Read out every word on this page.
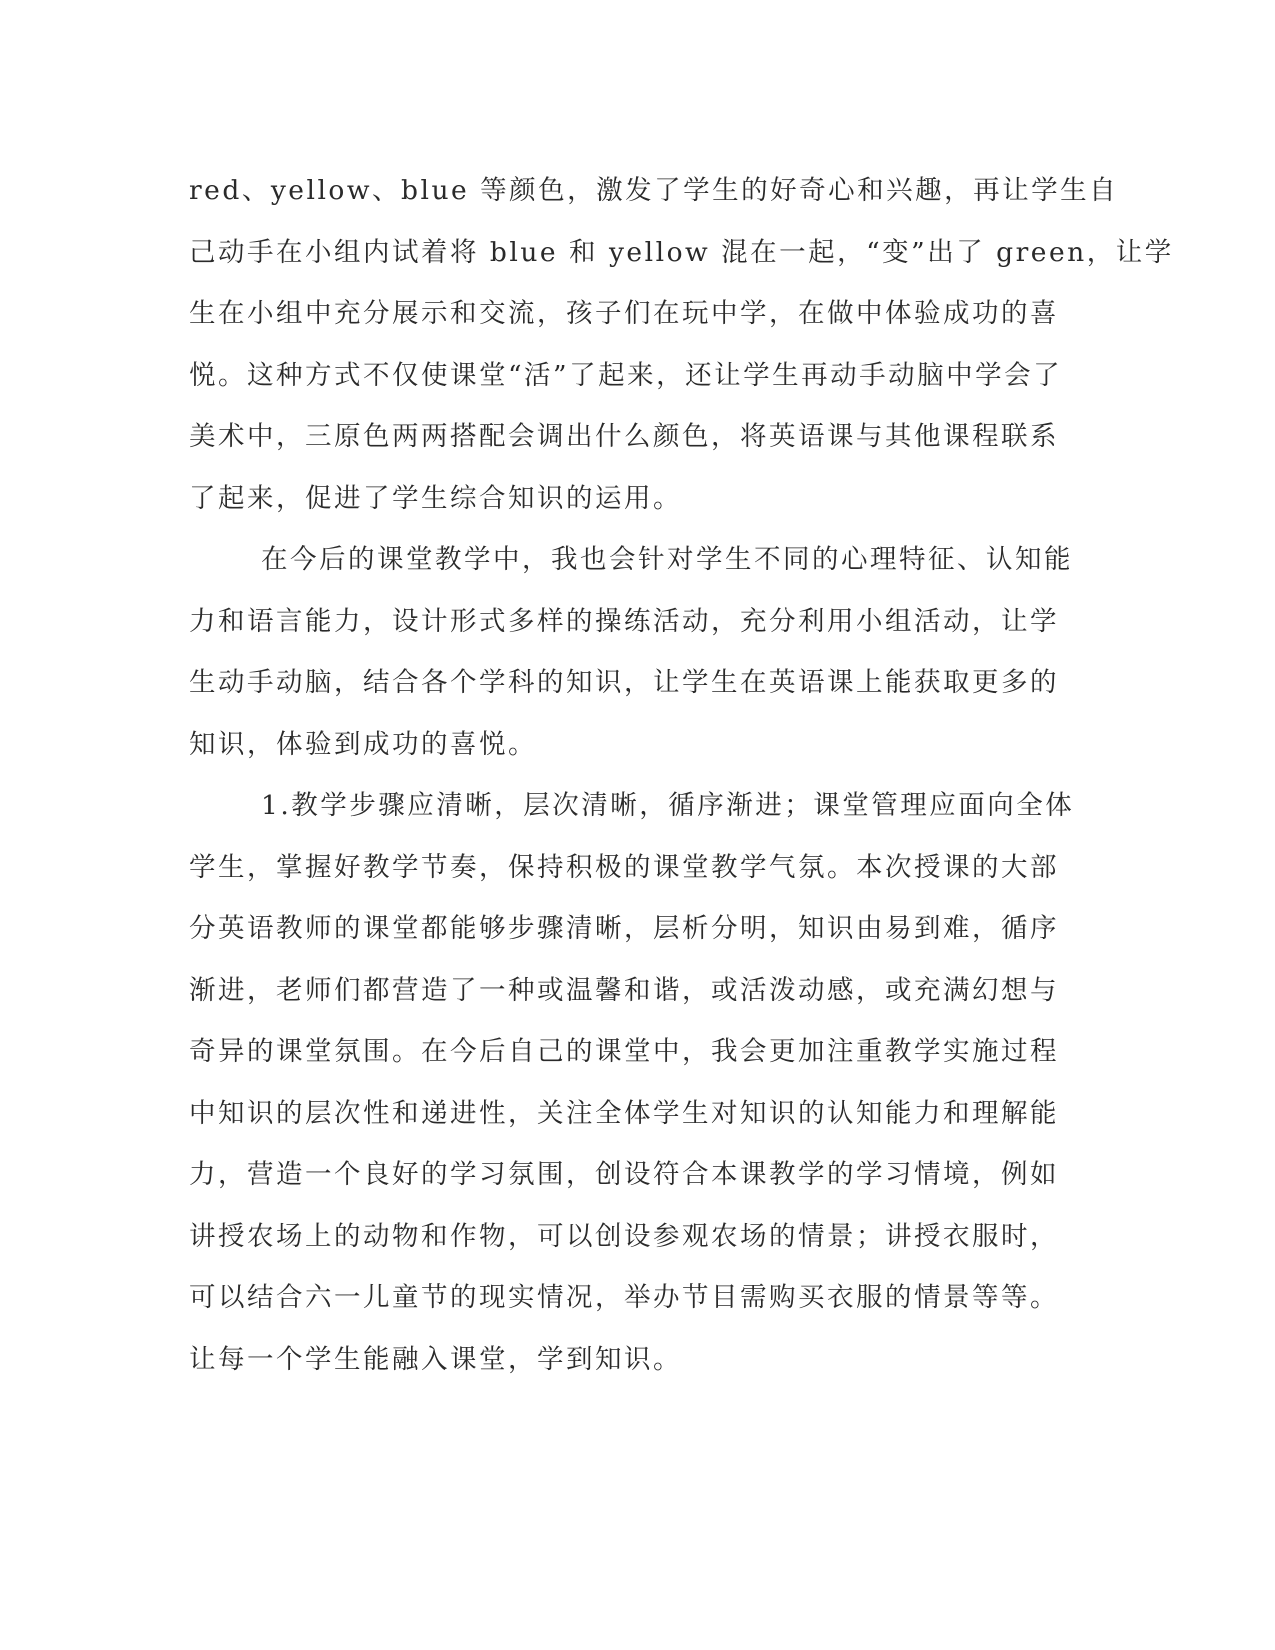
red、yellow、blue 等颜色，激发了学生的好奇心和兴趣，再让学生自
己动手在小组内试着将 blue 和 yellow 混在一起，“变”出了 green，让学
生在小组中充分展示和交流，孩子们在玩中学，在做中体验成功的喜
悦。这种方式不仅使课堂“活”了起来，还让学生再动手动脑中学会了
美术中，三原色两两搭配会调出什么颜色，将英语课与其他课程联系
了起来，促进了学生综合知识的运用。
在今后的课堂教学中，我也会针对学生不同的心理特征、认知能
力和语言能力，设计形式多样的操练活动，充分利用小组活动，让学
生动手动脑，结合各个学科的知识，让学生在英语课上能获取更多的
知识，体验到成功的喜悦。
1.教学步骤应清晰，层次清晰，循序渐进；课堂管理应面向全体
学生，掌握好教学节奏，保持积极的课堂教学气氛。本次授课的大部
分英语教师的课堂都能够步骤清晰，层析分明，知识由易到难，循序
渐进，老师们都营造了一种或温馨和谐，或活泼动感，或充满幻想与
奇异的课堂氛围。在今后自己的课堂中，我会更加注重教学实施过程
中知识的层次性和递进性，关注全体学生对知识的认知能力和理解能
力，营造一个良好的学习氛围，创设符合本课教学的学习情境，例如
讲授农场上的动物和作物，可以创设参观农场的情景；讲授衣服时，
可以结合六一儿童节的现实情况，举办节目需购买衣服的情景等等。
让每一个学生能融入课堂，学到知识。
